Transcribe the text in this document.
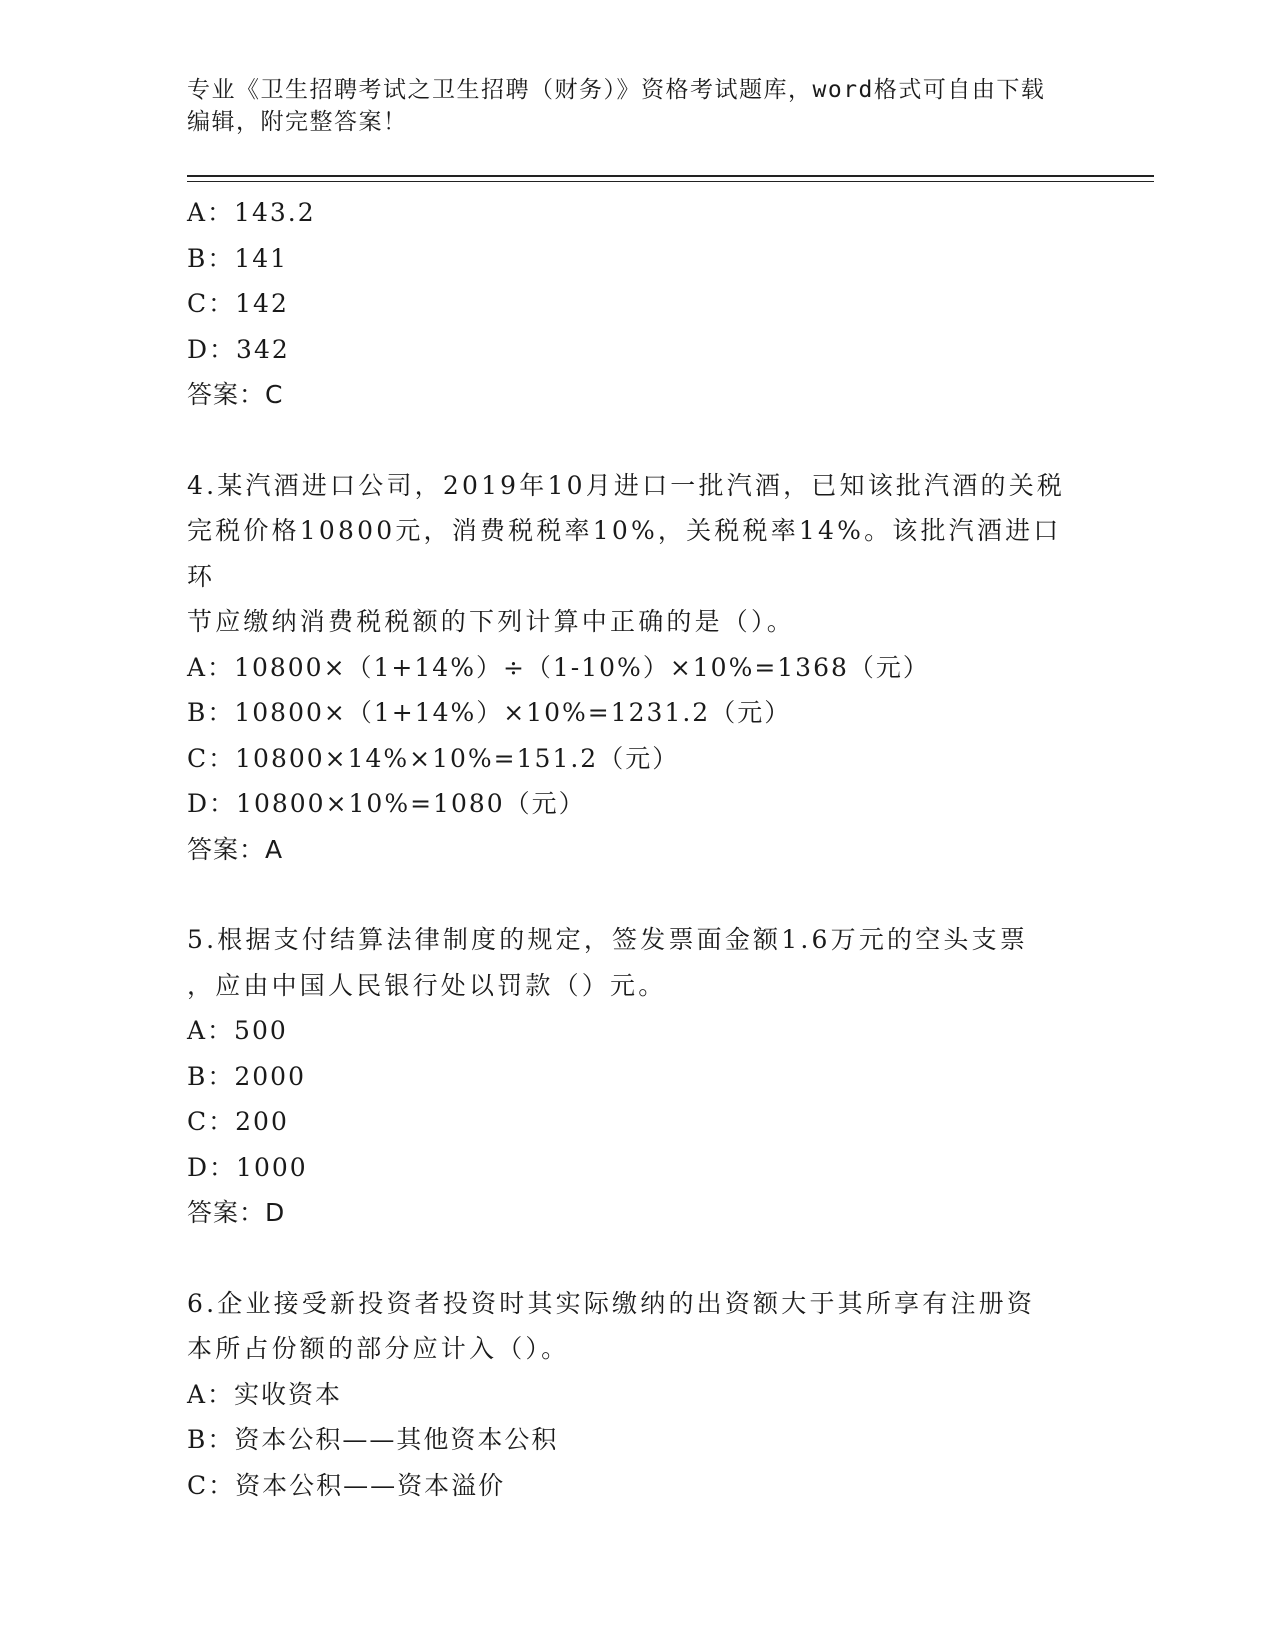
专业《卫生招聘考试之卫生招聘（财务）》资格考试题库，word格式可自由下载
编辑，附完整答案！
A：143.2
B：141
C：142
D：342
答案：C
4.某汽酒进口公司，2019年10月进口一批汽酒，已知该批汽酒的关税
完税价格10800元，消费税税率10%，关税税率14%。该批汽酒进口环
节应缴纳消费税税额的下列计算中正确的是（）。
A：10800×（1+14%）÷（1-10%）×10%=1368（元）
B：10800×（1+14%）×10%=1231.2（元）
C：10800×14%×10%=151.2（元）
D：10800×10%=1080（元）
答案：A
5.根据支付结算法律制度的规定，签发票面金额1.6万元的空头支票
，应由中国人民银行处以罚款（）元。
A：500
B：2000
C：200
D：1000
答案：D
6.企业接受新投资者投资时其实际缴纳的出资额大于其所享有注册资
本所占份额的部分应计入（）。
A：实收资本
B：资本公积——其他资本公积
C：资本公积——资本溢价
